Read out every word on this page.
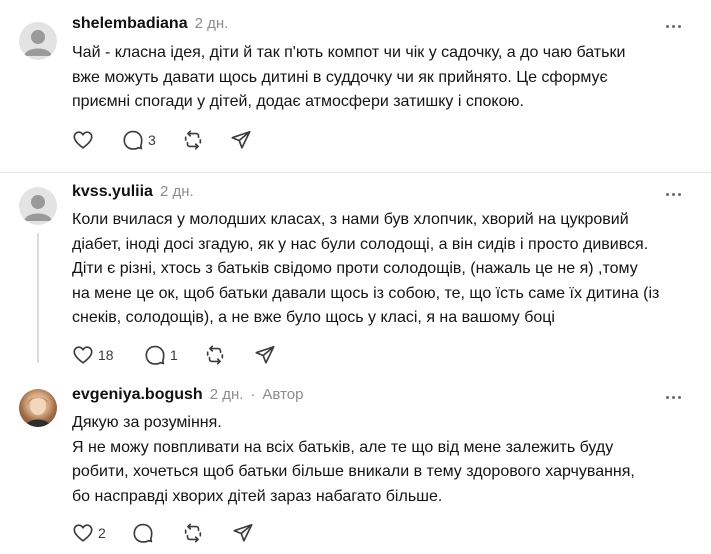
shelembadiana 2 дн.
Чай - класна ідея, діти й так п'ють компот чи чік у садочку, а до чаю батьки
вже можуть давати щось дитині в суддочку чи як прийнято. Це сформує
приємні спогади у дітей, додає атмосфери затишку і спокою.
3
kvss.yuliia 2 дн.
Коли вчилася у молодших класах, з нами був хлопчик, хворий на цукровий
діабет, іноді досі згадую, як у нас були солодощі, а він сидів і просто дивився.
Діти є різні, хтось з батьків свідомо проти солодощів, (нажаль це не я) ,тому
на мене це ок, щоб батьки давали щось із собою, те, що їсть саме їх дитина (із
снеків, солодощів), а не вже було щось у класі, я на вашому боці
18	1
evgeniya.bogush 2 дн. · Автор
Дякую за розуміння.
Я не можу повпливати на всіх батьків, але те що від мене залежить буду
робити, хочеться щоб батьки більше вникали в тему здорового харчування,
бо насправді хворих дітей зараз набагато більше.
2
